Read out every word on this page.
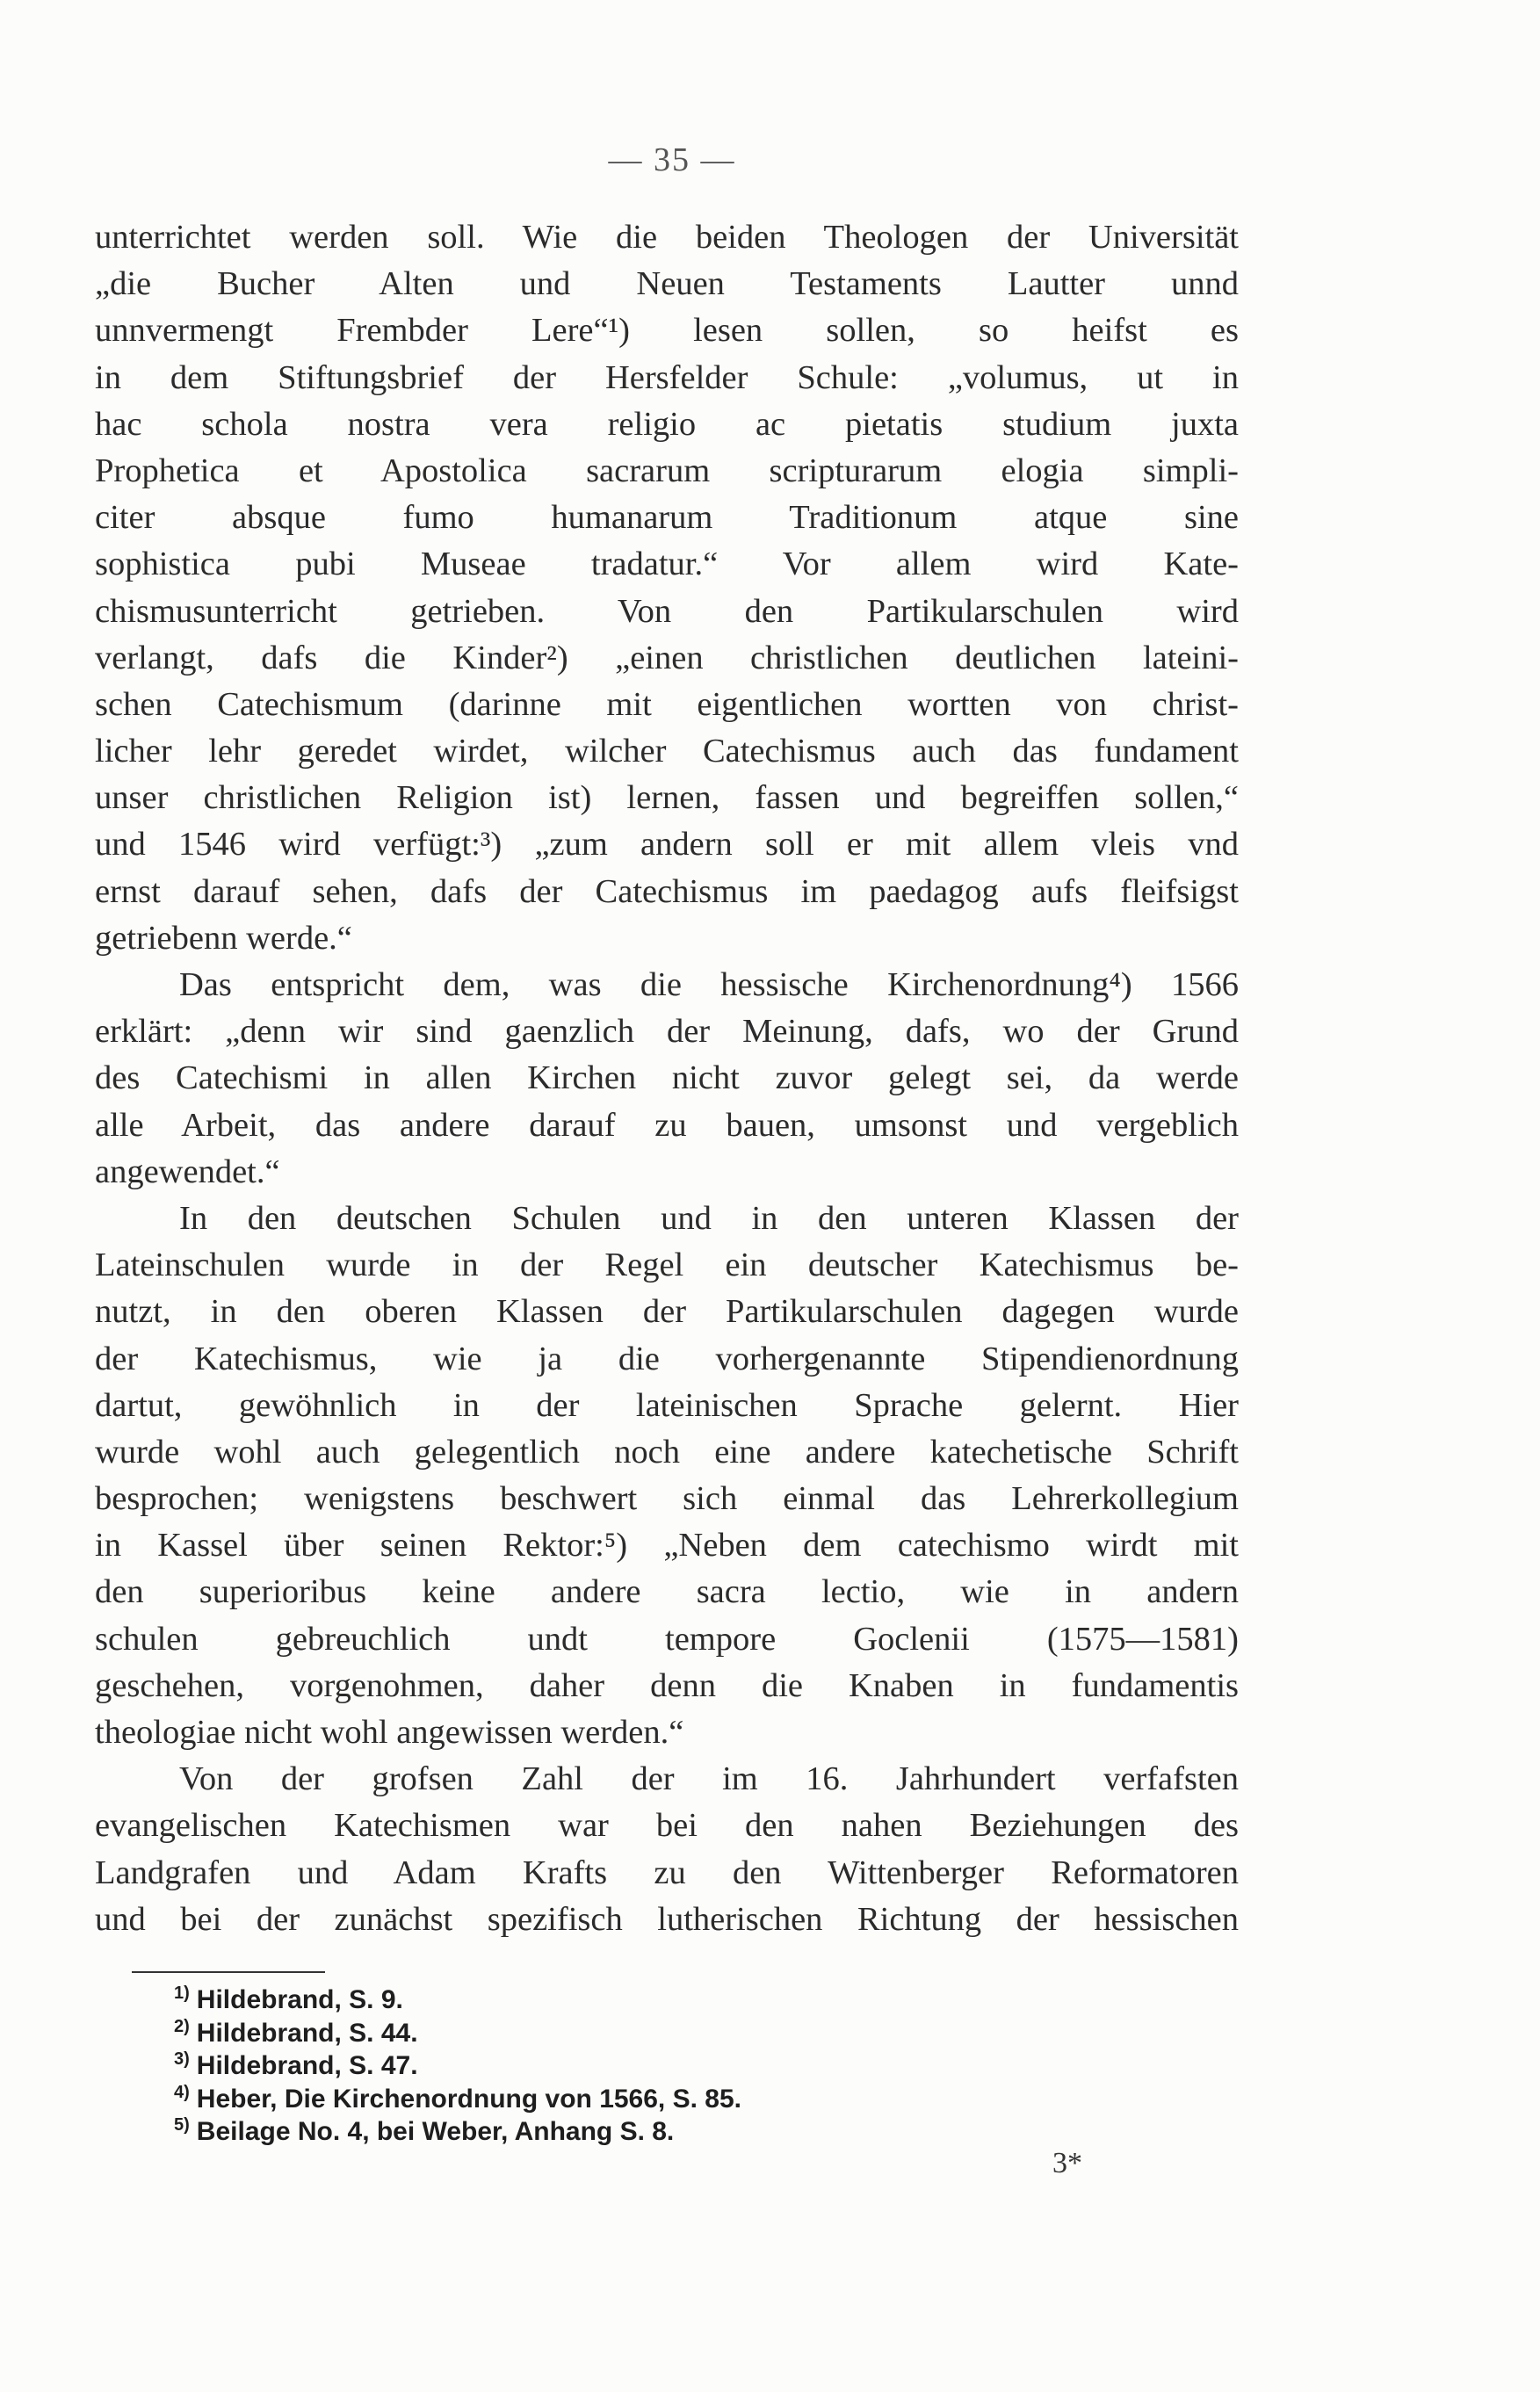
— 35 —
unterrichtet werden soll. Wie die beiden Theologen der Universität
„die Bucher Alten und Neuen Testaments Lautter unnd
unnvermengt Frembder Lere“¹) lesen sollen, so heifst es
in dem Stiftungsbrief der Hersfelder Schule: „volumus, ut in
hac schola nostra vera religio ac pietatis studium juxta
Prophetica et Apostolica sacrarum scripturarum elogia simpli-
citer absque fumo humanarum Traditionum atque sine
sophistica pubi Museae tradatur.“ Vor allem wird Kate-
chismusunterricht getrieben. Von den Partikularschulen wird
verlangt, dafs die Kinder²) „einen christlichen deutlichen lateini-
schen Catechismum (darinne mit eigentlichen wortten von christ-
licher lehr geredet wirdet, wilcher Catechismus auch das fundament
unser christlichen Religion ist) lernen, fassen und begreiffen sollen,“
und 1546 wird verfügt:³) „zum andern soll er mit allem vleis vnd
ernst darauf sehen, dafs der Catechismus im paedagog aufs fleifsigst
getriebenn werde.“
Das entspricht dem, was die hessische Kirchenordnung⁴) 1566
erklärt: „denn wir sind gaenzlich der Meinung, dafs, wo der Grund
des Catechismi in allen Kirchen nicht zuvor gelegt sei, da werde
alle Arbeit, das andere darauf zu bauen, umsonst und vergeblich
angewendet.“
In den deutschen Schulen und in den unteren Klassen der
Lateinschulen wurde in der Regel ein deutscher Katechismus be-
nutzt, in den oberen Klassen der Partikularschulen dagegen wurde
der Katechismus, wie ja die vorhergenannte Stipendienordnung
dartut, gewöhnlich in der lateinischen Sprache gelernt. Hier
wurde wohl auch gelegentlich noch eine andere katechetische Schrift
besprochen; wenigstens beschwert sich einmal das Lehrerkollegium
in Kassel über seinen Rektor:⁵) „Neben dem catechismo wirdt mit
den superioribus keine andere sacra lectio, wie in andern
schulen gebreuchlich undt tempore Goclenii (1575—1581)
geschehen, vorgenohmen, daher denn die Knaben in fundamentis
theologiae nicht wohl angewissen werden.“
Von der grofsen Zahl der im 16. Jahrhundert verfafsten
evangelischen Katechismen war bei den nahen Beziehungen des
Landgrafen und Adam Krafts zu den Wittenberger Reformatoren
und bei der zunächst spezifisch lutherischen Richtung der hessischen
$^{1)}$ Hildebrand, S. 9.
$^{2)}$ Hildebrand, S. 44.
$^{3)}$ Hildebrand, S. 47.
$^{4)}$ Heber, Die Kirchenordnung von 1566, S. 85.
$^{5)}$ Beilage No. 4, bei Weber, Anhang S. 8.
3*
